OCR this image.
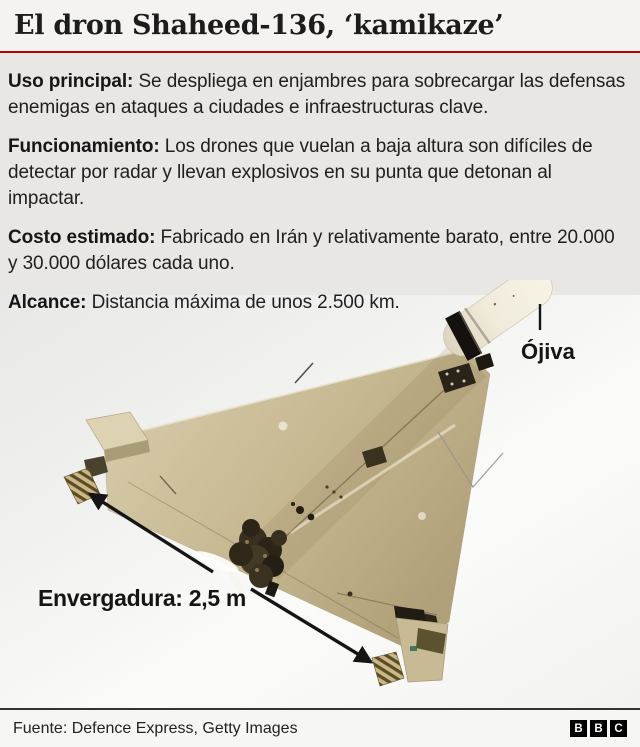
El dron Shaheed-136, ‘kamikaze’

Uso principal: Se despliega en enjambres para sobrecargar las defensas enemigas en ataques a ciudades e infraestructuras clave.

Funcionamiento: Los drones que vuelan a baja altura son difíciles de detectar por radar y llevan explosivos en su punta que detonan al impactar.

Costo estimado: Fabricado en Irán y relativamente barato, entre 20.000 y 30.000 dólares cada uno.

Alcance: Distancia máxima de unos 2.500 km.

Ójiva
Envergadura: 2,5 m
Fuente: Defence Express, Getty Images	B	B	C
